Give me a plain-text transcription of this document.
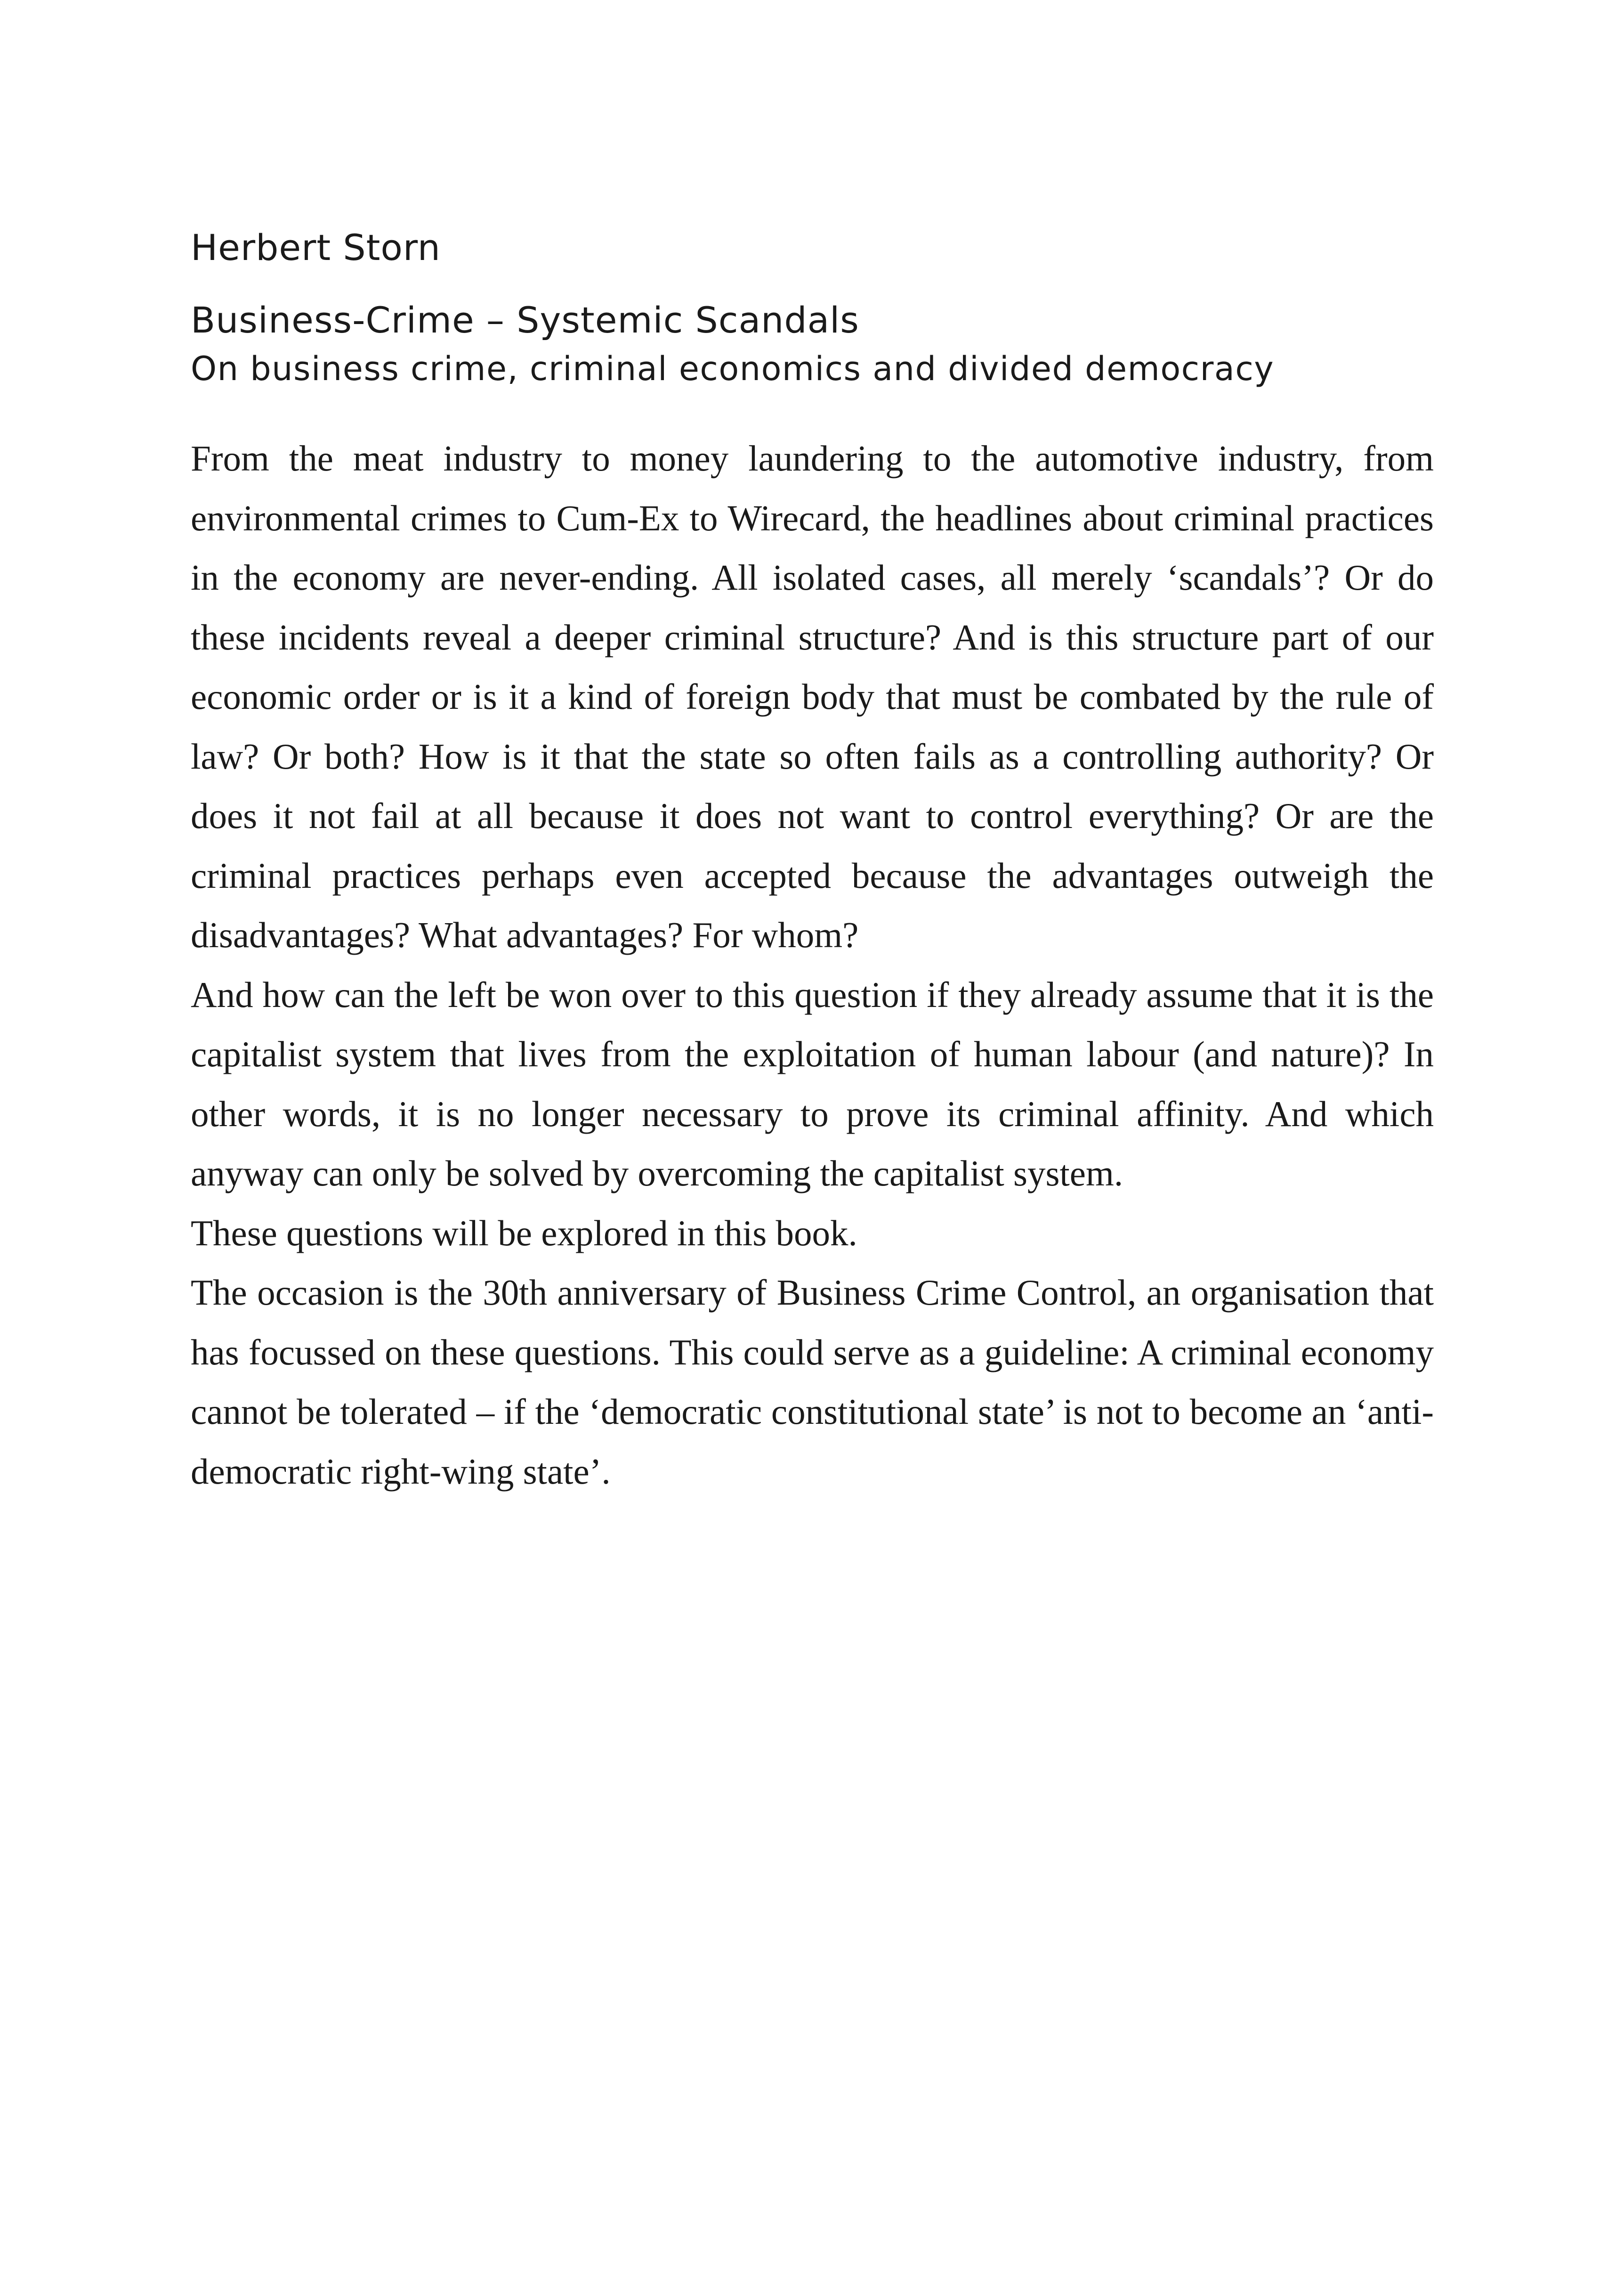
Herbert Storn
Business-Crime – Systemic Scandals
On business crime, criminal economics and divided democracy

From the meat industry to money laundering to the automotive industry, from environmental crimes to Cum-Ex to Wirecard, the headlines about criminal practices in the economy are never-ending. All isolated cases, all merely ‘scandals’? Or do these incidents reveal a deeper criminal structure? And is this structure part of our economic order or is it a kind of foreign body that must be combated by the rule of law? Or both? How is it that the state so often fails as a controlling authority? Or does it not fail at all because it does not want to control everything? Or are the criminal practices perhaps even accepted because the advantages outweigh the disadvantages? What advantages? For whom?

And how can the left be won over to this question if they already assume that it is the capitalist system that lives from the exploitation of human labour (and nature)? In other words, it is no longer necessary to prove its criminal affinity. And which anyway can only be solved by overcoming the capitalist system.

These questions will be explored in this book.

The occasion is the 30th anniversary of Business Crime Control, an organisation that has focussed on these questions. This could serve as a guideline: A criminal economy cannot be tolerated – if the ‘democratic constitutional state’ is not to become an ‘anti-democratic right-wing state’.
